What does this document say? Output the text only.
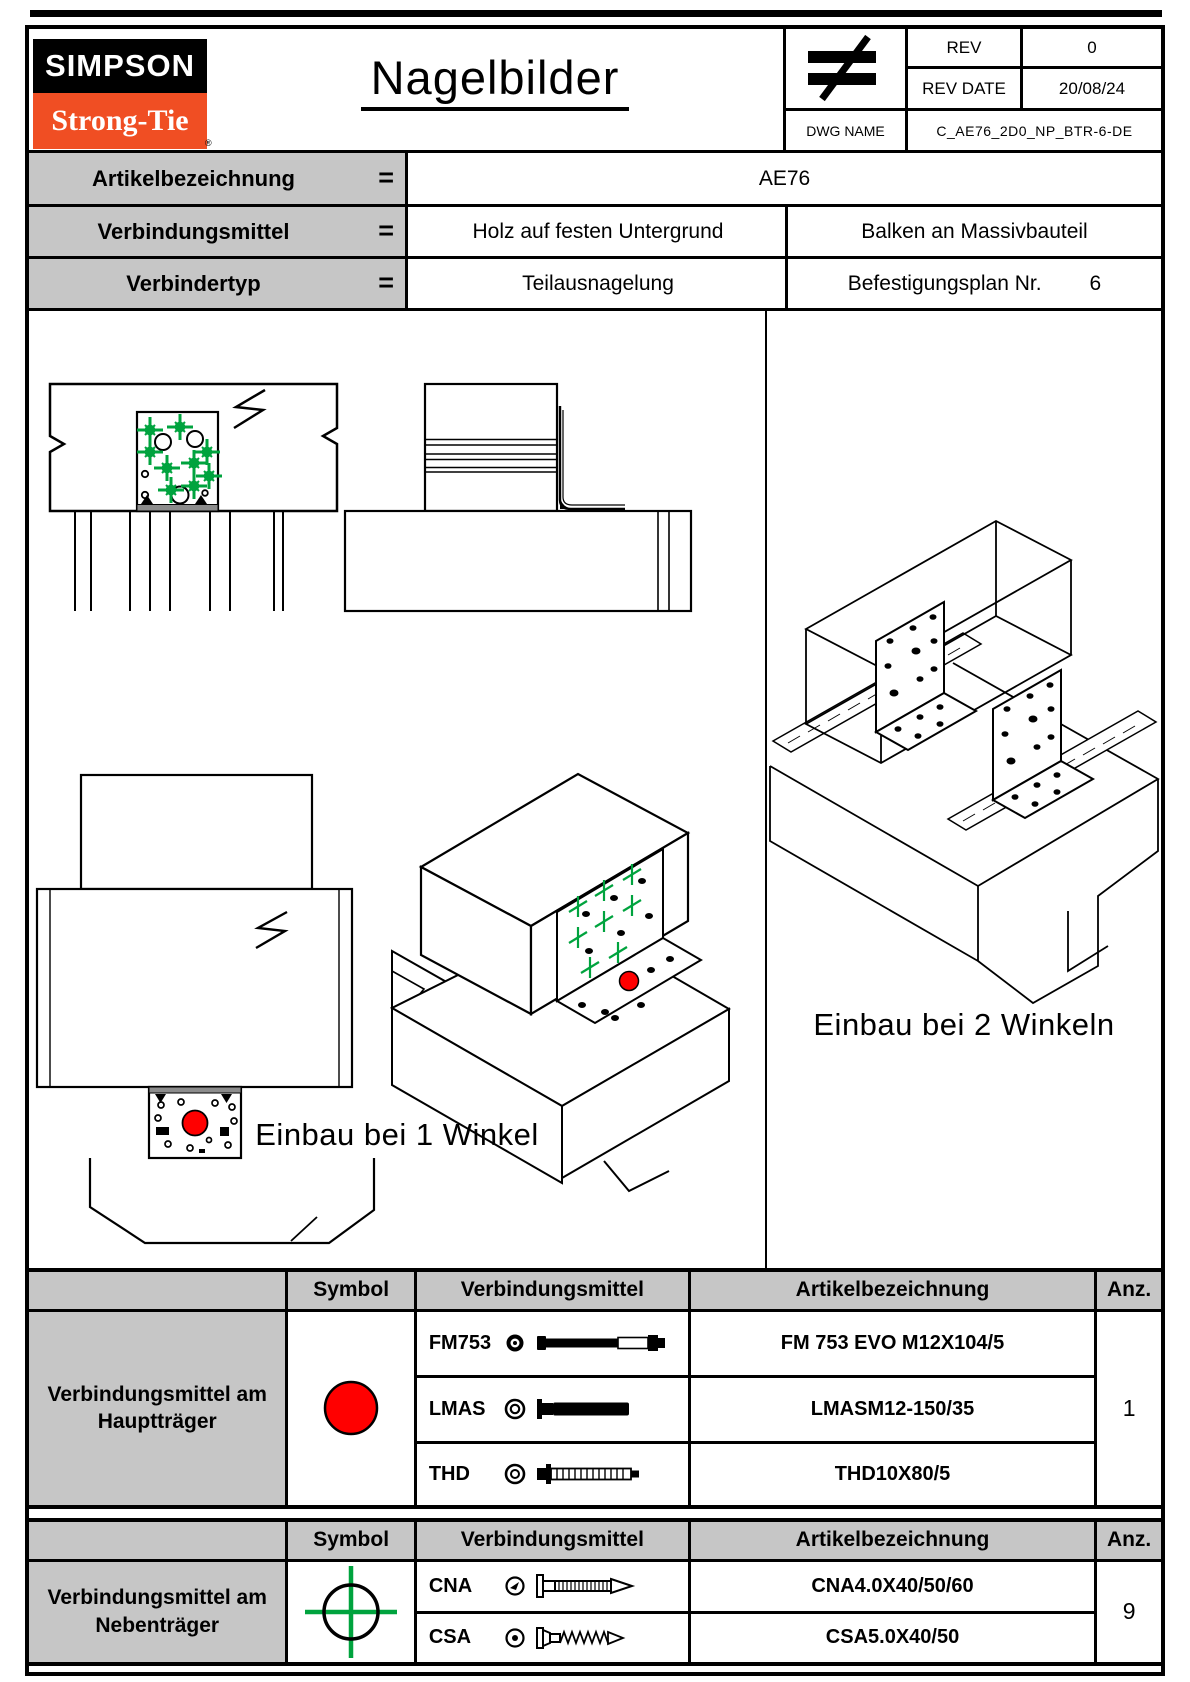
SIMPSON
Strong-Tie
®
Nagelbilder
REV	0
REV DATE	20/08/24
DWG NAME	C_AE76_2D0_NP_BTR-6-DE
Artikelbezeichnung	=	AE76
Verbindungsmittel	=	Holz auf festen Untergrund	Balken an Massivbauteil
Verbindertyp	=	Teilausnagelung	Befestigungsplan Nr. 6
Einbau bei 1 Winkel
Einbau bei 2 Winkeln
	Symbol	Verbindungsmittel	Artikelbezeichnung	Anz.
Verbindungsmittel am Hauptträger		FM753	FM 753 EVO M12X104/5	1

		LMAS	LMASM12-150/35	

		THD	THD10X80/5	
	Symbol	Verbindungsmittel	Artikelbezeichnung	Anz.
Verbindungsmittel am Nebenträger		CNA	CNA4.0X40/50/60	9

		CSA	CSA5.0X40/50	
